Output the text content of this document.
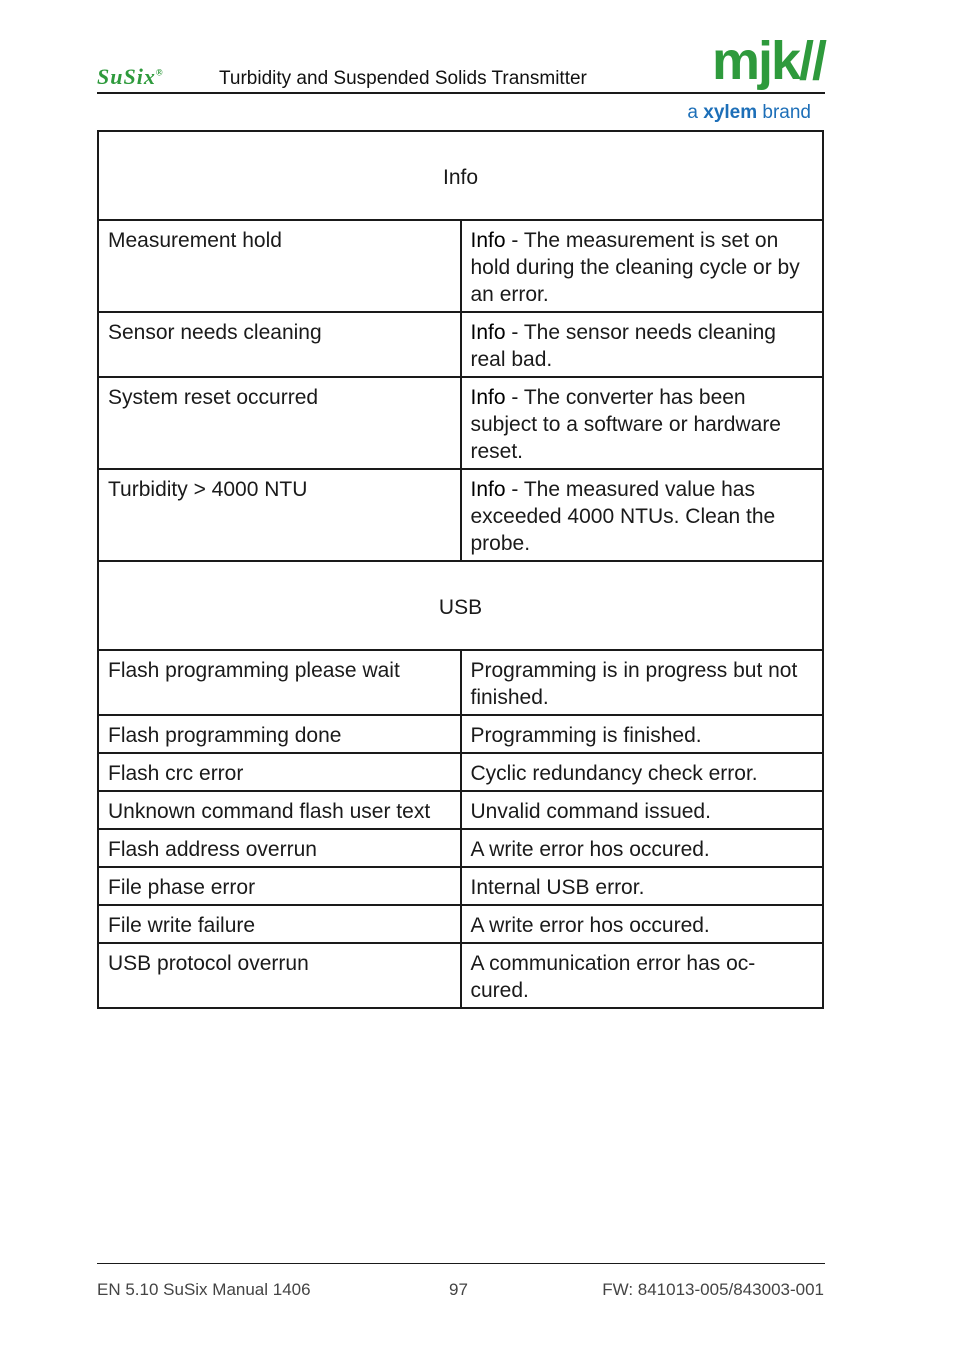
SuSix®	Turbidity and Suspended Solids Transmitter mjk//
a xylem brand
Info	
Measurement hold	Info - The measurement is set on hold during the cleaning cycle or by an error.
Sensor needs cleaning	Info - The sensor needs cleaning real bad.
System reset occurred	Info - The converter has been subject to a software or hardware reset.
Turbidity > 4000 NTU	Info - The measured value has exceeded 4000 NTUs. Clean the probe.
USB	
Flash programming please wait	Programming is in progress but not finished.
Flash programming done	Programming is finished.
Flash crc error	Cyclic redundancy check error.
Unknown command flash user text	Unvalid command issued.
Flash address overrun	A write error hos occured.
File phase error	Internal USB error.
File write failure	A write error hos occured.
USB protocol overrun	A communication error has oc-cured.
EN 5.10 SuSix Manual 1406	97	FW: 841013-005/843003-001
